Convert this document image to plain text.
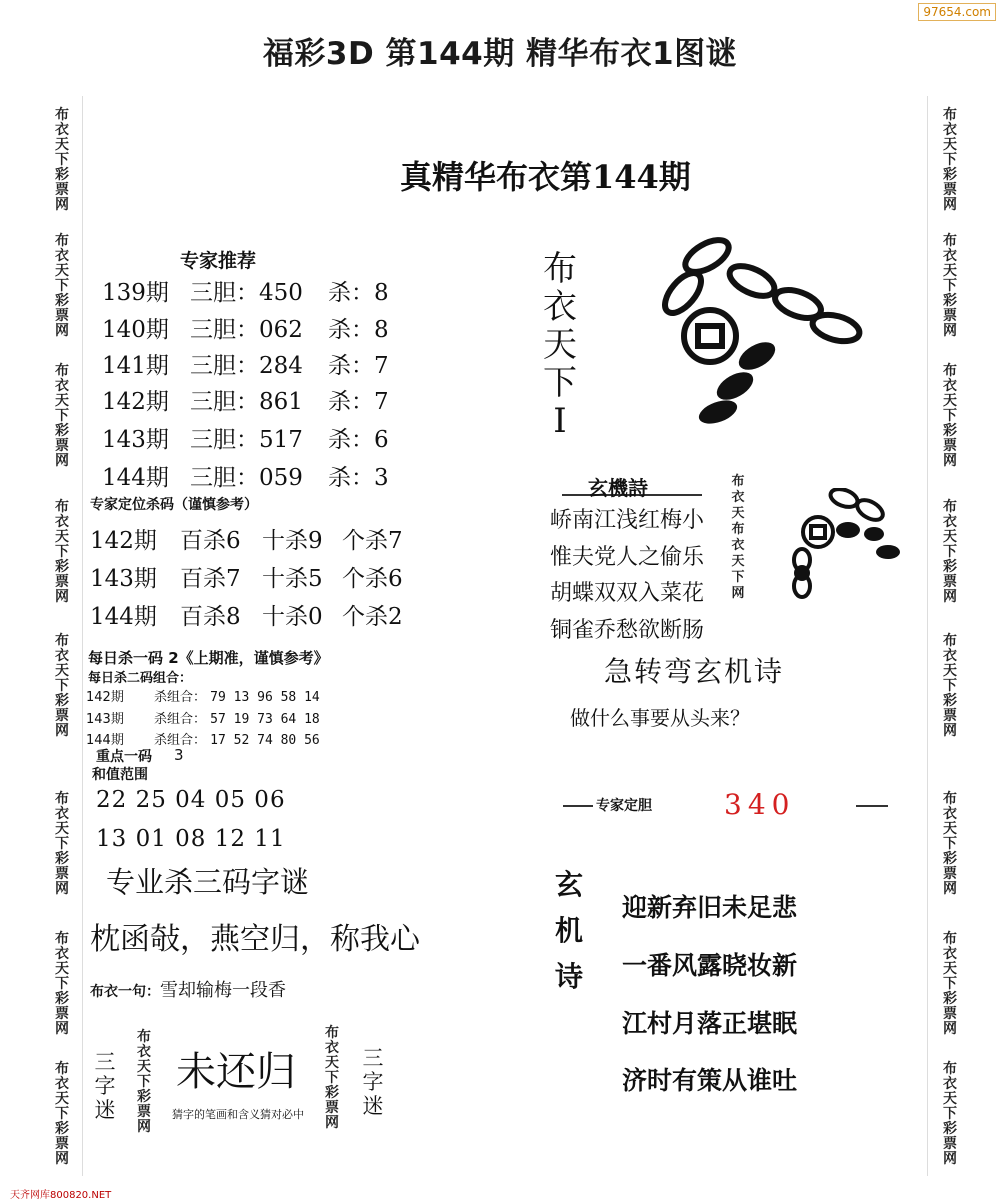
97654.com
福彩3D 第144期 精华布衣1图谜
布衣天下彩票网
布衣天下彩票网
布衣天下彩票网
布衣天下彩票网
布衣天下彩票网
布衣天下彩票网
布衣天下彩票网
布衣天下彩票网
布衣天下彩票网
布衣天下彩票网
布衣天下彩票网
布衣天下彩票网
布衣天下彩票网
布衣天下彩票网
布衣天下彩票网
布衣天下彩票网
真精华布衣第144期
专家推荐
139期 三胆：450 杀：8
140期 三胆：062 杀：8
141期 三胆：284 杀：7
142期 三胆：861 杀：7
143期 三胆：517 杀：6
144期 三胆：059 杀：3
专家定位杀码（谨慎参考）
142期 百杀6 十杀9 个杀7
143期 百杀7 十杀5 个杀6
144期 百杀8 十杀0 个杀2
每日杀一码 2《上期准，谨慎参考》
每日杀二码组合：
142期 杀组合： 79 13 96 58 14
143期 杀组合： 57 19 73 64 18
144期 杀组合： 17 52 74 80 56
重点一码 3
和值范围
22 25 04 05 06
13 01 08 12 11
专业杀三码字谜
枕函敧，燕空归，称我心
布衣一句：雪却输梅一段香
三字迷
布衣天下彩票网
未还归
猜字的笔画和含义猜对必中
布衣天下彩票网
三字迷
布衣天下I
玄機詩
峤南江浅红梅小
惟夫党人之偷乐
胡蝶双双入菜花
铜雀乔愁欲断肠
布衣天布衣天下网
急转弯玄机诗
做什么事要从头来？
专家定胆	340
玄机诗
迎新弃旧未足悲
一番风露晓妆新
江村月落正堪眠
济时有策从谁吐
天齐网库800820.NET
